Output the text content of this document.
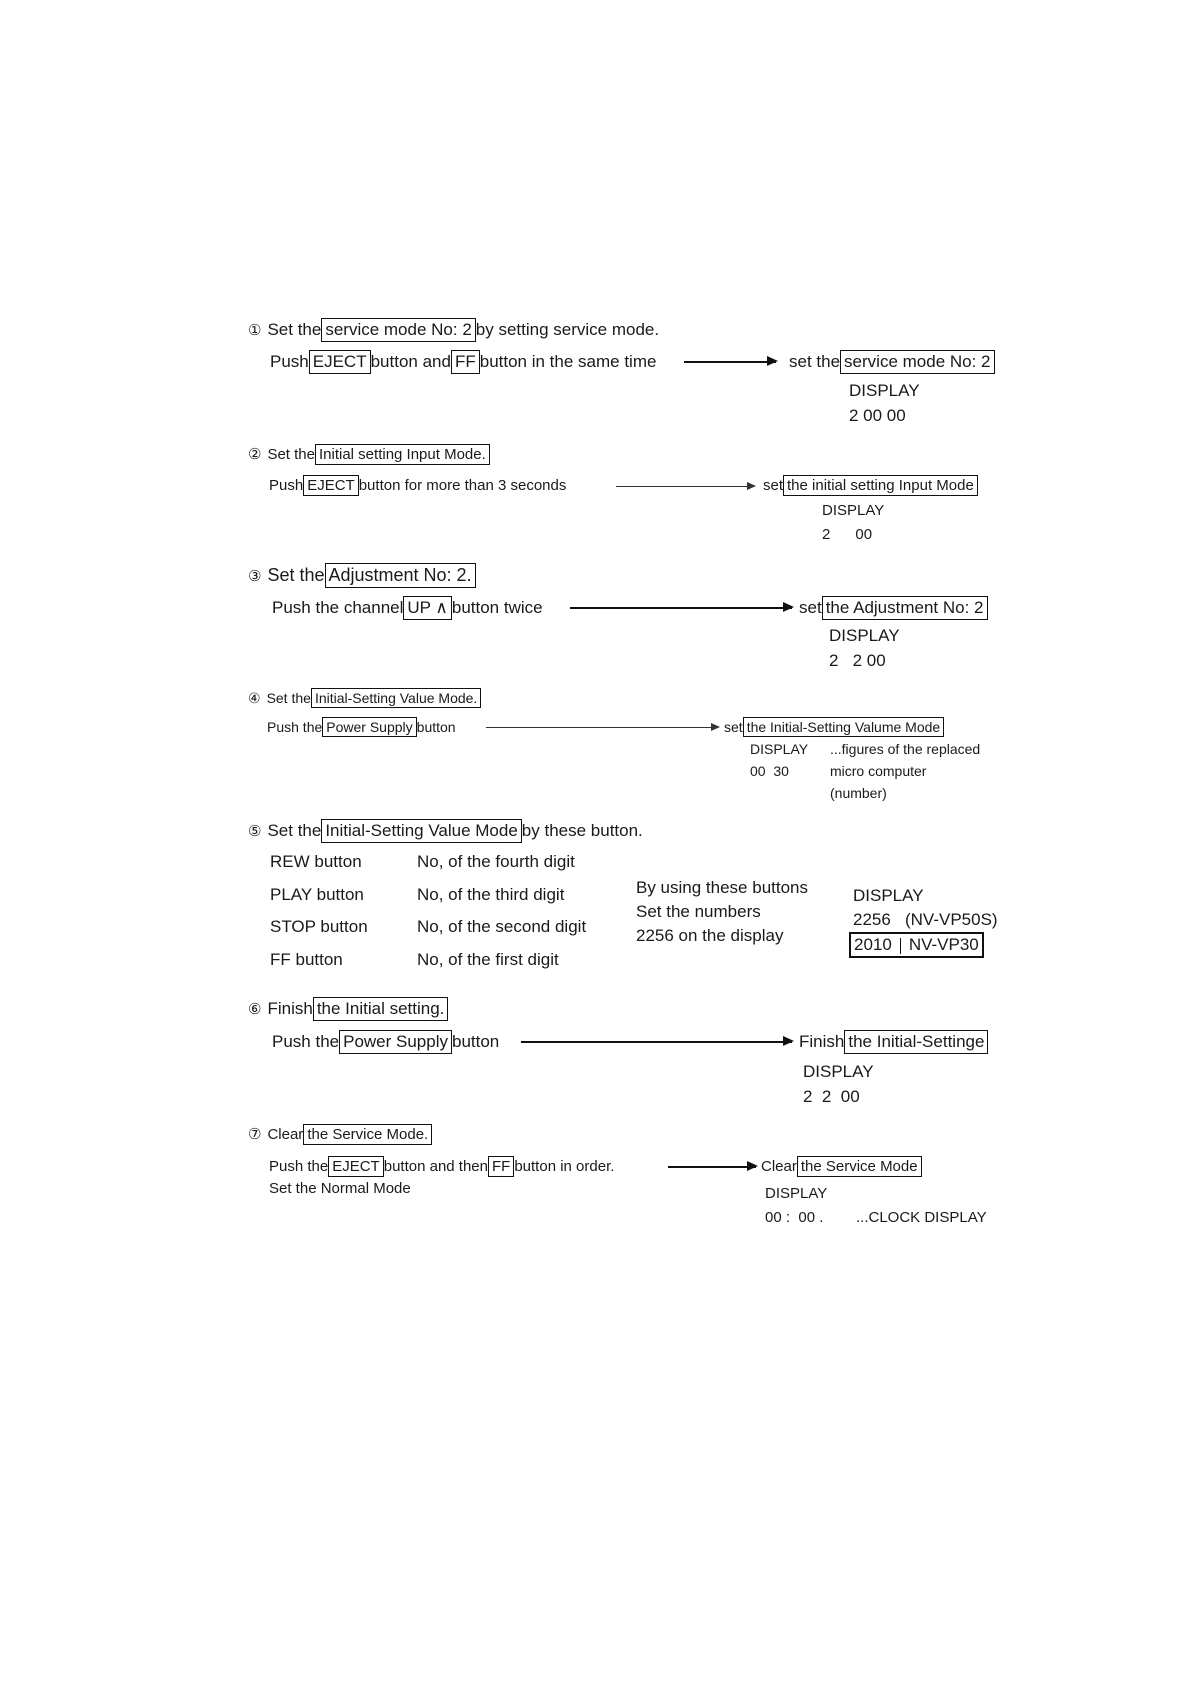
① Set the service mode No: 2 by setting service mode.
Push EJECT button and FF button in the same time	set the service mode No: 2
DISPLAY
2 00 00
② Set the Initial setting Input Mode.
Push EJECT button for more than 3 seconds	set the initial setting Input Mode
DISPLAY
2      00
③ Set the Adjustment No: 2.
Push the channel UP ∧ button twice	set the Adjustment No: 2
DISPLAY
2   2 00
④ Set the Initial-Setting Value Mode.
Push the Power Supply button	set the Initial-Setting Valume Mode
DISPLAY
00  30
...figures of the replaced
micro computer
(number)
⑤ Set the Initial-Setting Value Mode by these button.
REW button	No, of the fourth digit
PLAY button	No, of the third digit
STOP button	No, of the second digit
FF button	No, of the first digit
By using these buttons
Set the numbers
2256 on the display
DISPLAY
2256   (NV-VP50S)
2010 NV-VP30
⑥ Finish the Initial setting.
Push the Power Supply button	Finish the Initial-Settinge
DISPLAY
2  2  00
⑦ Clear the Service Mode.
Push the EJECT button and then FF button in order.
Set the Normal Mode
Clear the Service Mode
DISPLAY
00 :  00 . ...CLOCK DISPLAY
